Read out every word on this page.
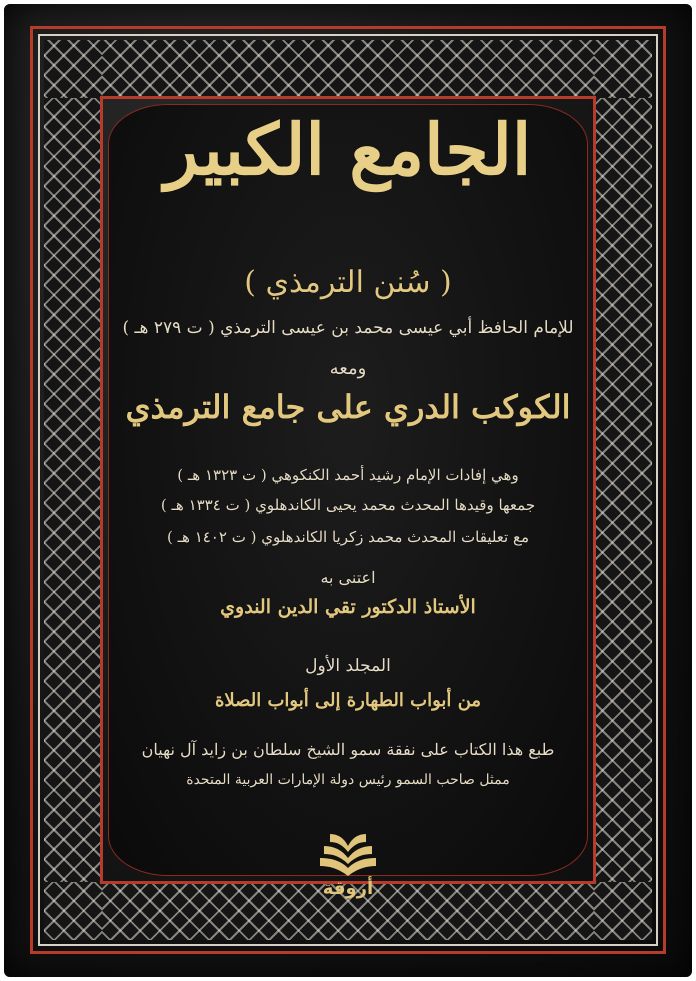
الجامع الكبير
( سُنن الترمذي )
للإمام الحافظ أبي عيسى محمد بن عيسى الترمذي ( ت ٢٧٩ هـ )
ومعه
الكوكب الدري على جامع الترمذي
وهي إفادات الإمام رشيد أحمد الكنكوهي ( ت ١٣٢٣ هـ )
جمعها وقيدها المحدث محمد يحيى الكاندهلوي ( ت ١٣٣٤ هـ )
مع تعليقات المحدث محمد زكريا الكاندهلوي ( ت ١٤٠٢ هـ )
اعتنى به
الأستاذ الدكتور تقي الدين الندوي
المجلد الأول
من أبواب الطهارة إلى أبواب الصلاة
طبع هذا الكتاب على نفقة سمو الشيخ سلطان بن زايد آل نهيان
ممثل صاحب السمو رئيس دولة الإمارات العربية المتحدة
أروقة
